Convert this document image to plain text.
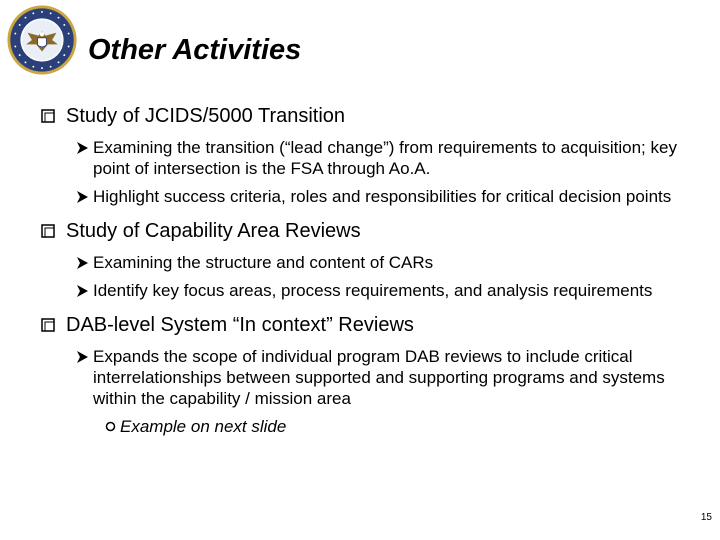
Other Activities
Study of JCIDS/5000 Transition
Examining the transition (“lead change”) from requirements to acquisition; key point of intersection is the FSA through Ao.A.
Highlight success criteria, roles and responsibilities for critical decision points
Study of Capability Area Reviews
Examining the structure and content of CARs
Identify key focus areas, process requirements, and analysis requirements
DAB-level System “In context” Reviews
Expands the scope of individual program DAB reviews to include critical interrelationships between supported and supporting programs and systems within the capability / mission area
Example on next slide
15
